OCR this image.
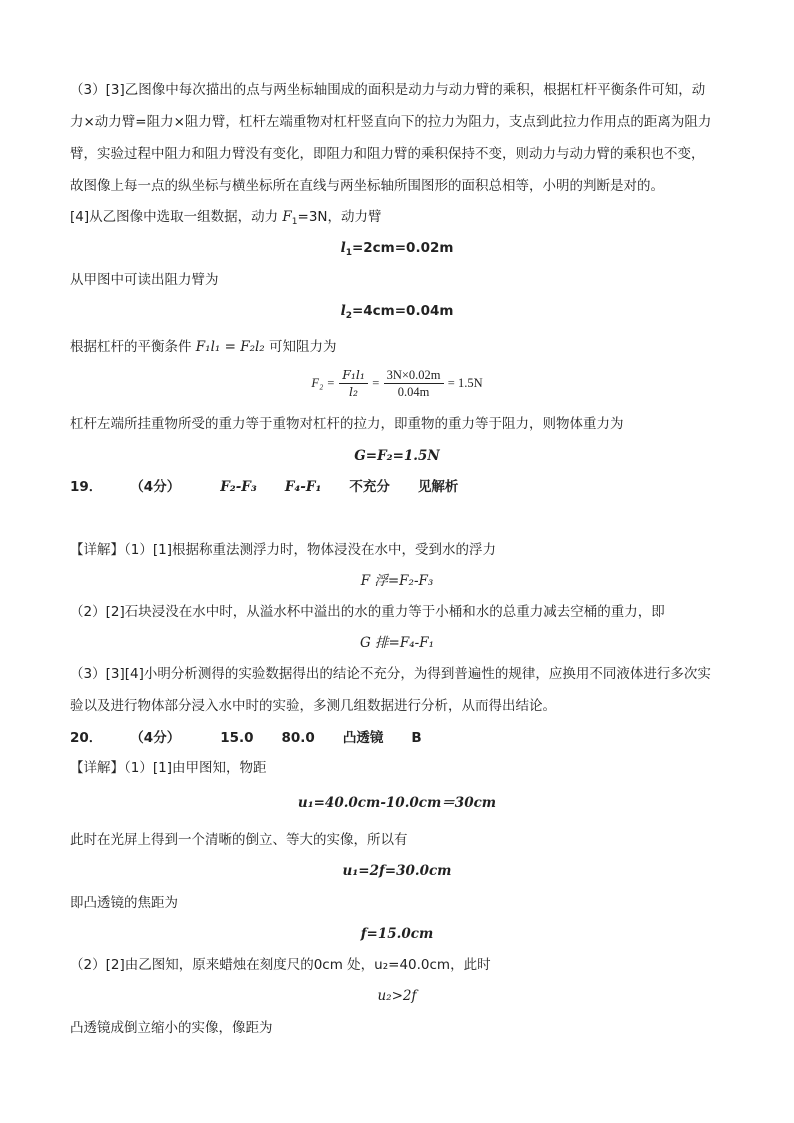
（3）[3]乙图像中每次描出的点与两坐标轴围成的面积是动力与动力臂的乘积，根据杠杆平衡条件可知，动
力×动力臂=阻力×阻力臂，杠杆左端重物对杠杆竖直向下的拉力为阻力，支点到此拉力作用点的距离为阻力
臂，实验过程中阻力和阻力臂没有变化，即阻力和阻力臂的乘积保持不变，则动力与动力臂的乘积也不变，
故图像上每一点的纵坐标与横坐标所在直线与两坐标轴所围图形的面积总相等，小明的判断是对的。
[4]从乙图像中选取一组数据，动力 $F_1=3N$，动力臂
$l_1=2cm=0.02m$
从甲图中可读出阻力臂为
$l_2=4cm=0.04m$
根据杠杆的平衡条件 F₁l₁ = F₂l₂ 可知阻力为
$F_2 = \frac{\text{F₁l₁}}{\text{l₂}} = \frac{3N\times 0.02m}{0.04m} = 1.5N$
杠杆左端所挂重物所受的重力等于重物对杠杆的拉力，即重物的重力等于阻力，则物体重力为
G=F₂=1.5N
19． （4分）	F₂-F₃ F₄-F₁ 不充分 见解析
【详解】（1）[1]根据称重法测浮力时，物体浸没在水中，受到水的浮力
F 浮=F₂-F₃
（2）[2]石块浸没在水中时，从溢水杯中溢出的水的重力等于小桶和水的总重力减去空桶的重力，即
G 排=F₄-F₁
（3）[3][4]小明分析测得的实验数据得出的结论不充分，为得到普遍性的规律，应换用不同液体进行多次实
验以及进行物体部分浸入水中时的实验，多测几组数据进行分析，从而得出结论。
20． （4分）	15.0 80.0 凸透镜 B
【详解】（1）[1]由甲图知，物距
u₁=40.0cm-10.0cm＝30cm
此时在光屏上得到一个清晰的倒立、等大的实像，所以有
u₁=2f=30.0cm
即凸透镜的焦距为
f=15.0cm
（2）[2]由乙图知，原来蜡烛在刻度尺的0cm 处，u₂=40.0cm，此时
u₂>2f
凸透镜成倒立缩小的实像，像距为
